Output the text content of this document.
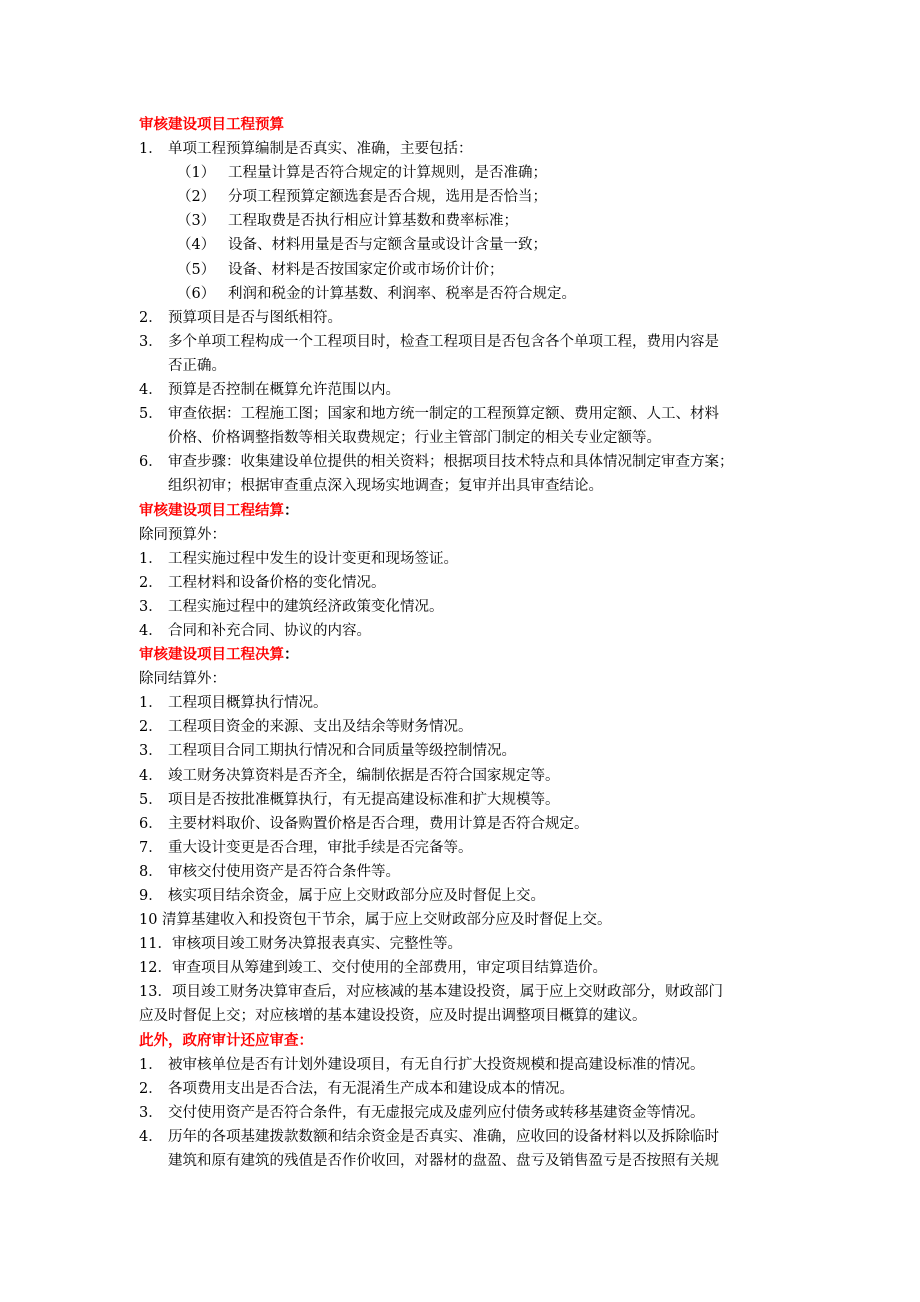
审核建设项目工程预算
1． 单项工程预算编制是否真实、准确，主要包括：
（1） 工程量计算是否符合规定的计算规则，是否准确；
（2） 分项工程预算定额选套是否合规，选用是否恰当；
（3） 工程取费是否执行相应计算基数和费率标准；
（4） 设备、材料用量是否与定额含量或设计含量一致；
（5） 设备、材料是否按国家定价或市场价计价；
（6） 利润和税金的计算基数、利润率、税率是否符合规定。
2． 预算项目是否与图纸相符。
3． 多个单项工程构成一个工程项目时，检查工程项目是否包含各个单项工程，费用内容是
否正确。
4． 预算是否控制在概算允许范围以内。
5． 审查依据：工程施工图；国家和地方统一制定的工程预算定额、费用定额、人工、材料
价格、价格调整指数等相关取费规定；行业主管部门制定的相关专业定额等。
6． 审查步骤：收集建设单位提供的相关资料；根据项目技术特点和具体情况制定审查方案；
组织初审；根据审查重点深入现场实地调查；复审并出具审查结论。
审核建设项目工程结算：
除同预算外：
1． 工程实施过程中发生的设计变更和现场签证。
2． 工程材料和设备价格的变化情况。
3． 工程实施过程中的建筑经济政策变化情况。
4． 合同和补充合同、协议的内容。
审核建设项目工程决算：
除同结算外：
1． 工程项目概算执行情况。
2． 工程项目资金的来源、支出及结余等财务情况。
3． 工程项目合同工期执行情况和合同质量等级控制情况。
4． 竣工财务决算资料是否齐全，编制依据是否符合国家规定等。
5． 项目是否按批准概算执行，有无提高建设标准和扩大规模等。
6． 主要材料取价、设备购置价格是否合理，费用计算是否符合规定。
7． 重大设计变更是否合理，审批手续是否完备等。
8． 审核交付使用资产是否符合条件等。
9． 核实项目结余资金，属于应上交财政部分应及时督促上交。
10 清算基建收入和投资包干节余，属于应上交财政部分应及时督促上交。
11．审核项目竣工财务决算报表真实、完整性等。
12．审查项目从筹建到竣工、交付使用的全部费用，审定项目结算造价。
13．项目竣工财务决算审查后，对应核减的基本建设投资，属于应上交财政部分，财政部门
应及时督促上交；对应核增的基本建设投资，应及时提出调整项目概算的建议。
此外，政府审计还应审查：
1． 被审核单位是否有计划外建设项目，有无自行扩大投资规模和提高建设标准的情况。
2． 各项费用支出是否合法，有无混淆生产成本和建设成本的情况。
3． 交付使用资产是否符合条件，有无虚报完成及虚列应付债务或转移基建资金等情况。
4． 历年的各项基建拨款数额和结余资金是否真实、准确，应收回的设备材料以及拆除临时
建筑和原有建筑的残值是否作价收回，对器材的盘盈、盘亏及销售盈亏是否按照有关规
